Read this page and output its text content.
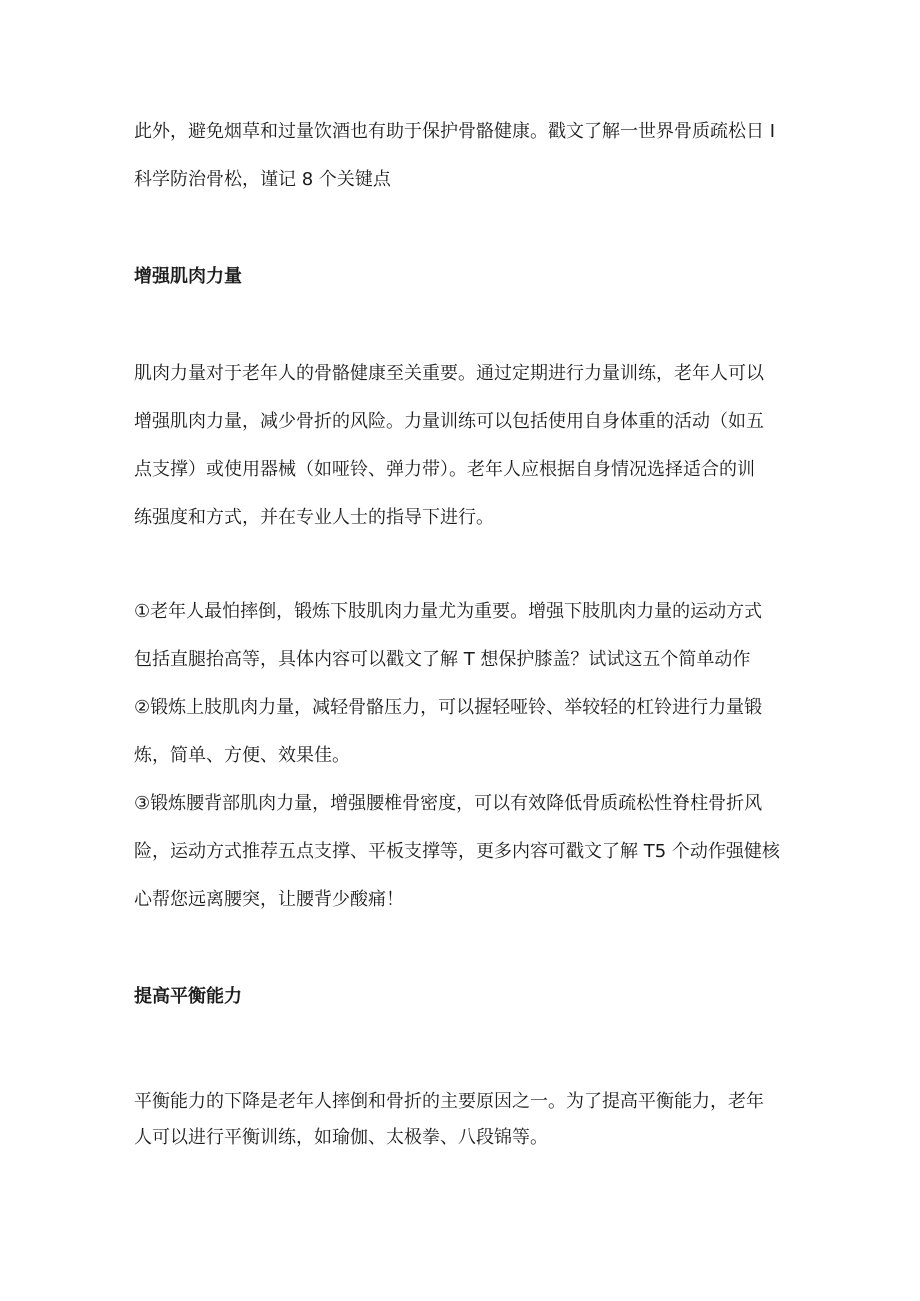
此外，避免烟草和过量饮酒也有助于保护骨骼健康。戳文了解一世界骨质疏松日 I

科学防治骨松，谨记 8 个关键点

增强肌肉力量

肌肉力量对于老年人的骨骼健康至关重要。通过定期进行力量训练，老年人可以

增强肌肉力量，减少骨折的风险。力量训练可以包括使用自身体重的活动（如五

点支撑）或使用器械（如哑铃、弹力带）。老年人应根据自身情况选择适合的训

练强度和方式，并在专业人士的指导下进行。

①老年人最怕摔倒，锻炼下肢肌肉力量尤为重要。增强下肢肌肉力量的运动方式

包括直腿抬高等，具体内容可以戳文了解 T 想保护膝盖？试试这五个简单动作

②锻炼上肢肌肉力量，减轻骨骼压力，可以握轻哑铃、举较轻的杠铃进行力量锻

炼，简单、方便、效果佳。

③锻炼腰背部肌肉力量，增强腰椎骨密度，可以有效降低骨质疏松性脊柱骨折风

险，运动方式推荐五点支撑、平板支撑等，更多内容可戳文了解 T5 个动作强健核

心帮您远离腰突，让腰背少酸痛！

提高平衡能力

平衡能力的下降是老年人摔倒和骨折的主要原因之一。为了提高平衡能力，老年

人可以进行平衡训练，如瑜伽、太极拳、八段锦等。
